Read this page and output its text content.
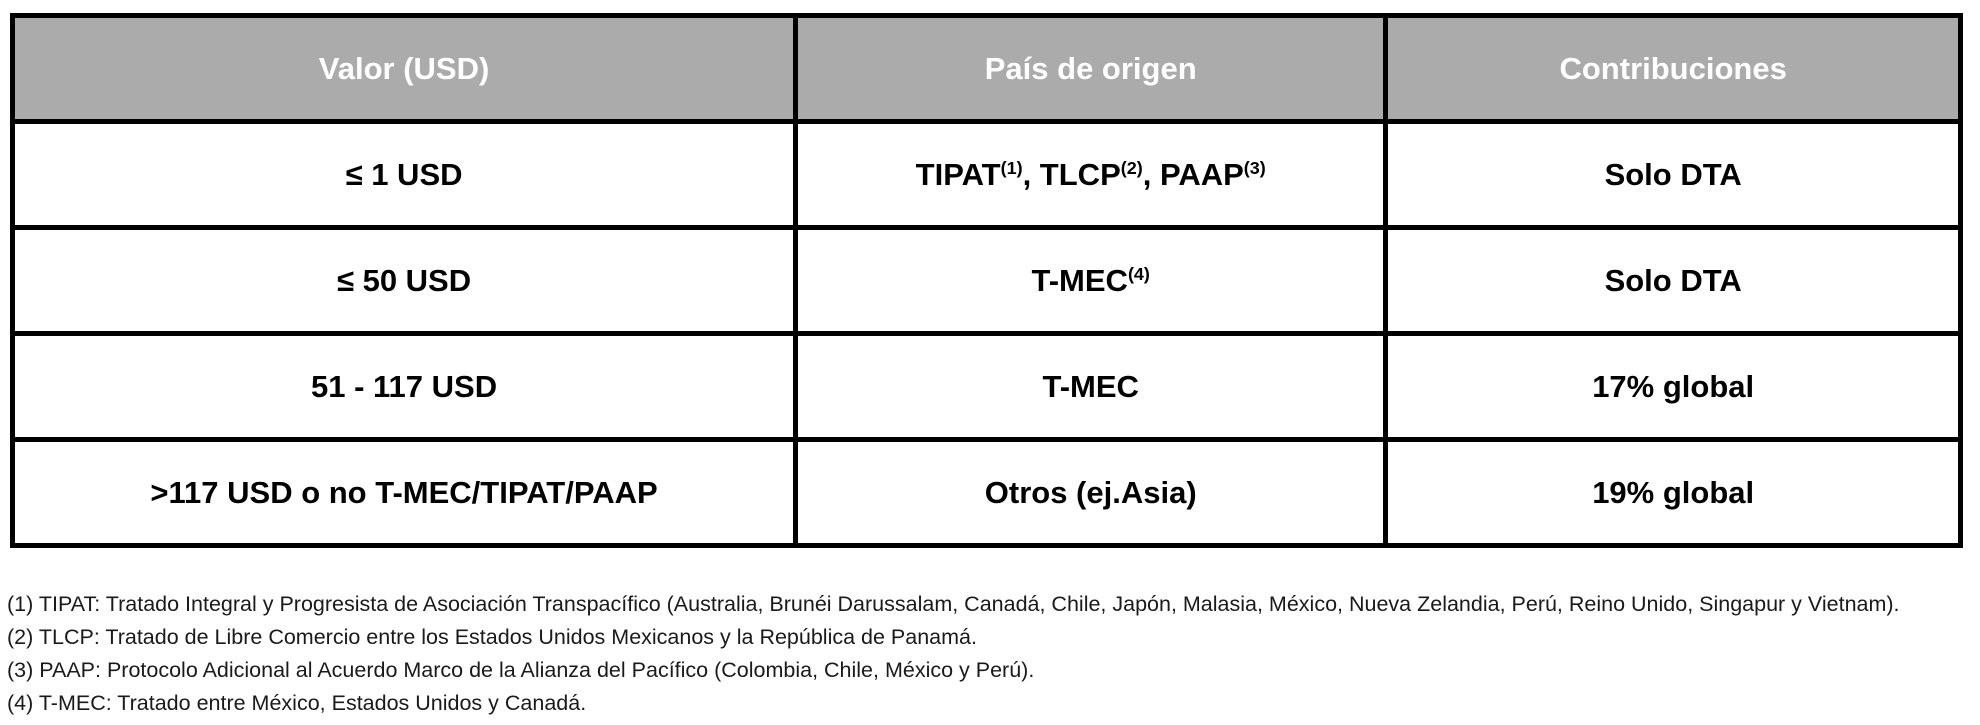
Valor (USD)	País de origen	Contribuciones
≤ 1 USD	TIPAT$^{(1)}$, TLCP$^{(2)}$, PAAP$^{(3)}$	Solo DTA
≤ 50 USD	T-MEC$^{(4)}$	Solo DTA
51 - 117 USD	T-MEC	17% global
>117 USD o no T-MEC/TIPAT/PAAP	Otros (ej.Asia)	19% global

(1) TIPAT: Tratado Integral y Progresista de Asociación Transpacífico (Australia, Brunéi Darussalam, Canadá, Chile, Japón, Malasia, México, Nueva Zelandia, Perú, Reino Unido, Singapur y Vietnam).

(2) TLCP: Tratado de Libre Comercio entre los Estados Unidos Mexicanos y la República de Panamá.

(3) PAAP: Protocolo Adicional al Acuerdo Marco de la Alianza del Pacífico (Colombia, Chile, México y Perú).

(4) T-MEC: Tratado entre México, Estados Unidos y Canadá.
